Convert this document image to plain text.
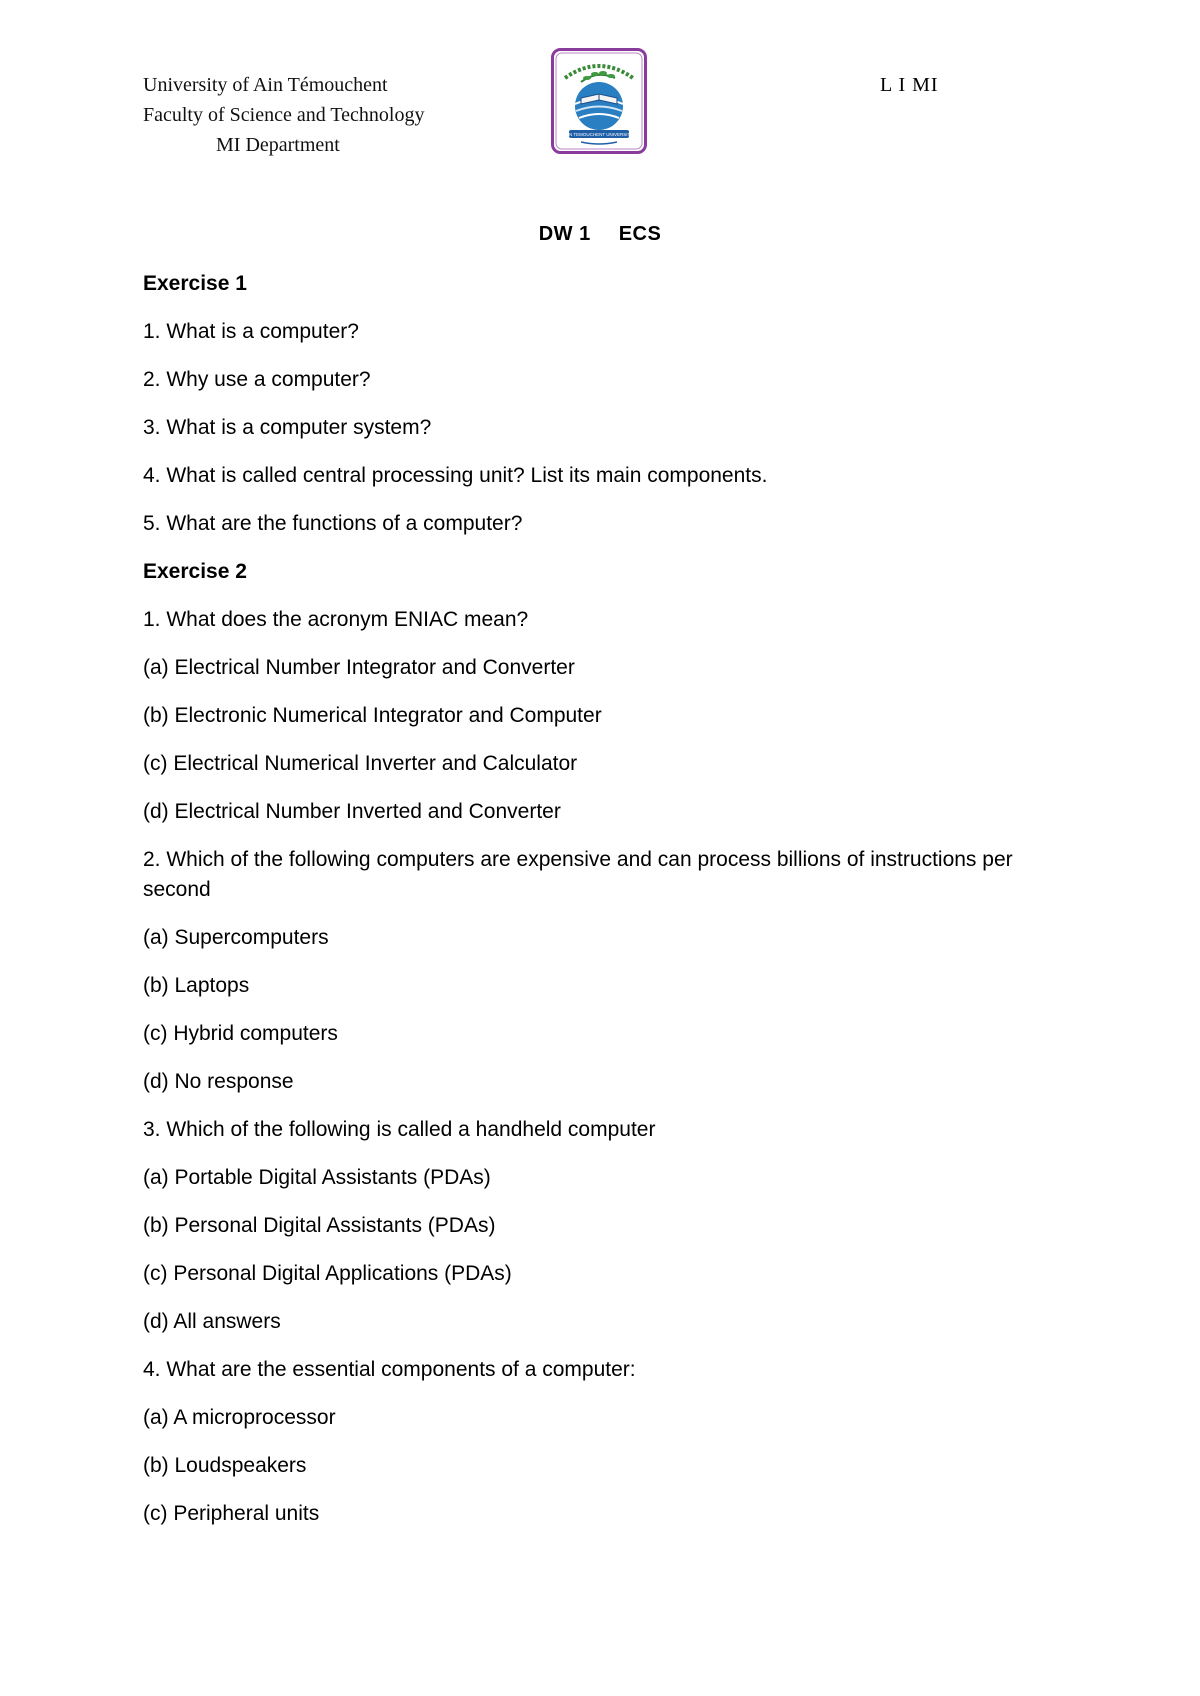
University of Ain Témouchent
Faculty of Science and Technology
MI Department	AIN TEMOUCHENT UNIVERSITY
L I MI
DW 1 ECS
Exercise 1
1. What is a computer?
2. Why use a computer?
3. What is a computer system?
4. What is called central processing unit? List its main components.
5. What are the functions of a computer?
Exercise 2
1. What does the acronym ENIAC mean?
(a) Electrical Number Integrator and Converter
(b) Electronic Numerical Integrator and Computer
(c) Electrical Numerical Inverter and Calculator
(d) Electrical Number Inverted and Converter
2. Which of the following computers are expensive and can process billions of instructions per second
(a) Supercomputers
(b) Laptops
(c) Hybrid computers
(d) No response
3. Which of the following is called a handheld computer
(a) Portable Digital Assistants (PDAs)
(b) Personal Digital Assistants (PDAs)
(c) Personal Digital Applications (PDAs)
(d) All answers
4. What are the essential components of a computer:
(a) A microprocessor
(b) Loudspeakers
(c) Peripheral units
